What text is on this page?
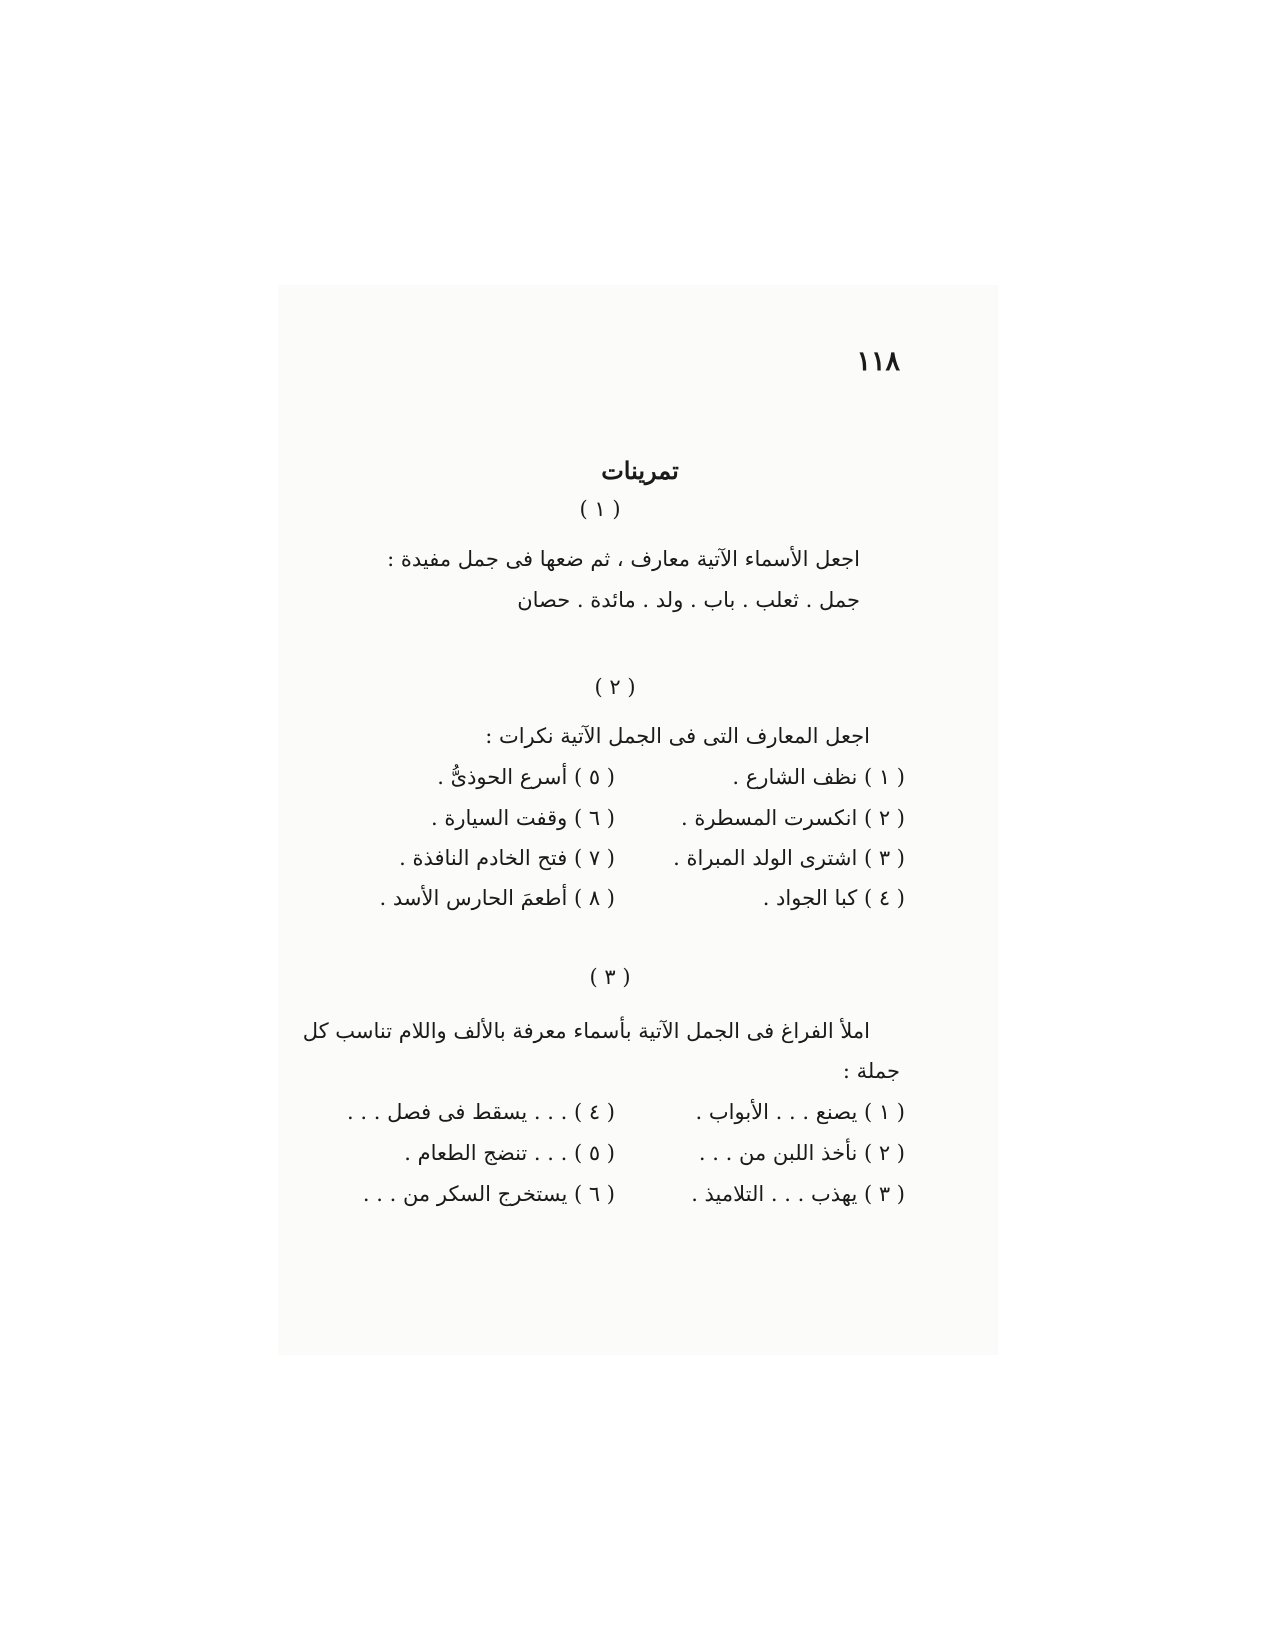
١١٨
تمرينات
( ١ )
اجعل الأسماء الآتية معارف ، ثم ضعها فى جمل مفيدة :
جمل . ثعلب . باب . ولد . مائدة . حصان
( ٢ )
اجعل المعارف التى فى الجمل الآتية نكرات :
( ١ ) نظف الشارع .
( ٢ ) انكسرت المسطرة .
( ٣ ) اشترى الولد المبراة .
( ٤ ) كبا الجواد .
( ٥ ) أسرع الحوذىُّ .
( ٦ ) وقفت السيارة .
( ٧ ) فتح الخادم النافذة .
( ٨ ) أطعمَ الحارس الأسد .
( ٣ )
املأ الفراغ فى الجمل الآتية بأسماء معرفة بالألف واللام تناسب كل
جملة :
( ١ ) يصنع . . . الأبواب .
( ٢ ) نأخذ اللبن من . . .
( ٣ ) يهذب . . . التلاميذ .
( ٤ ) . . . يسقط فى فصل . . .
( ٥ ) . . . تنضج الطعام .
( ٦ ) يستخرج السكر من . . .
